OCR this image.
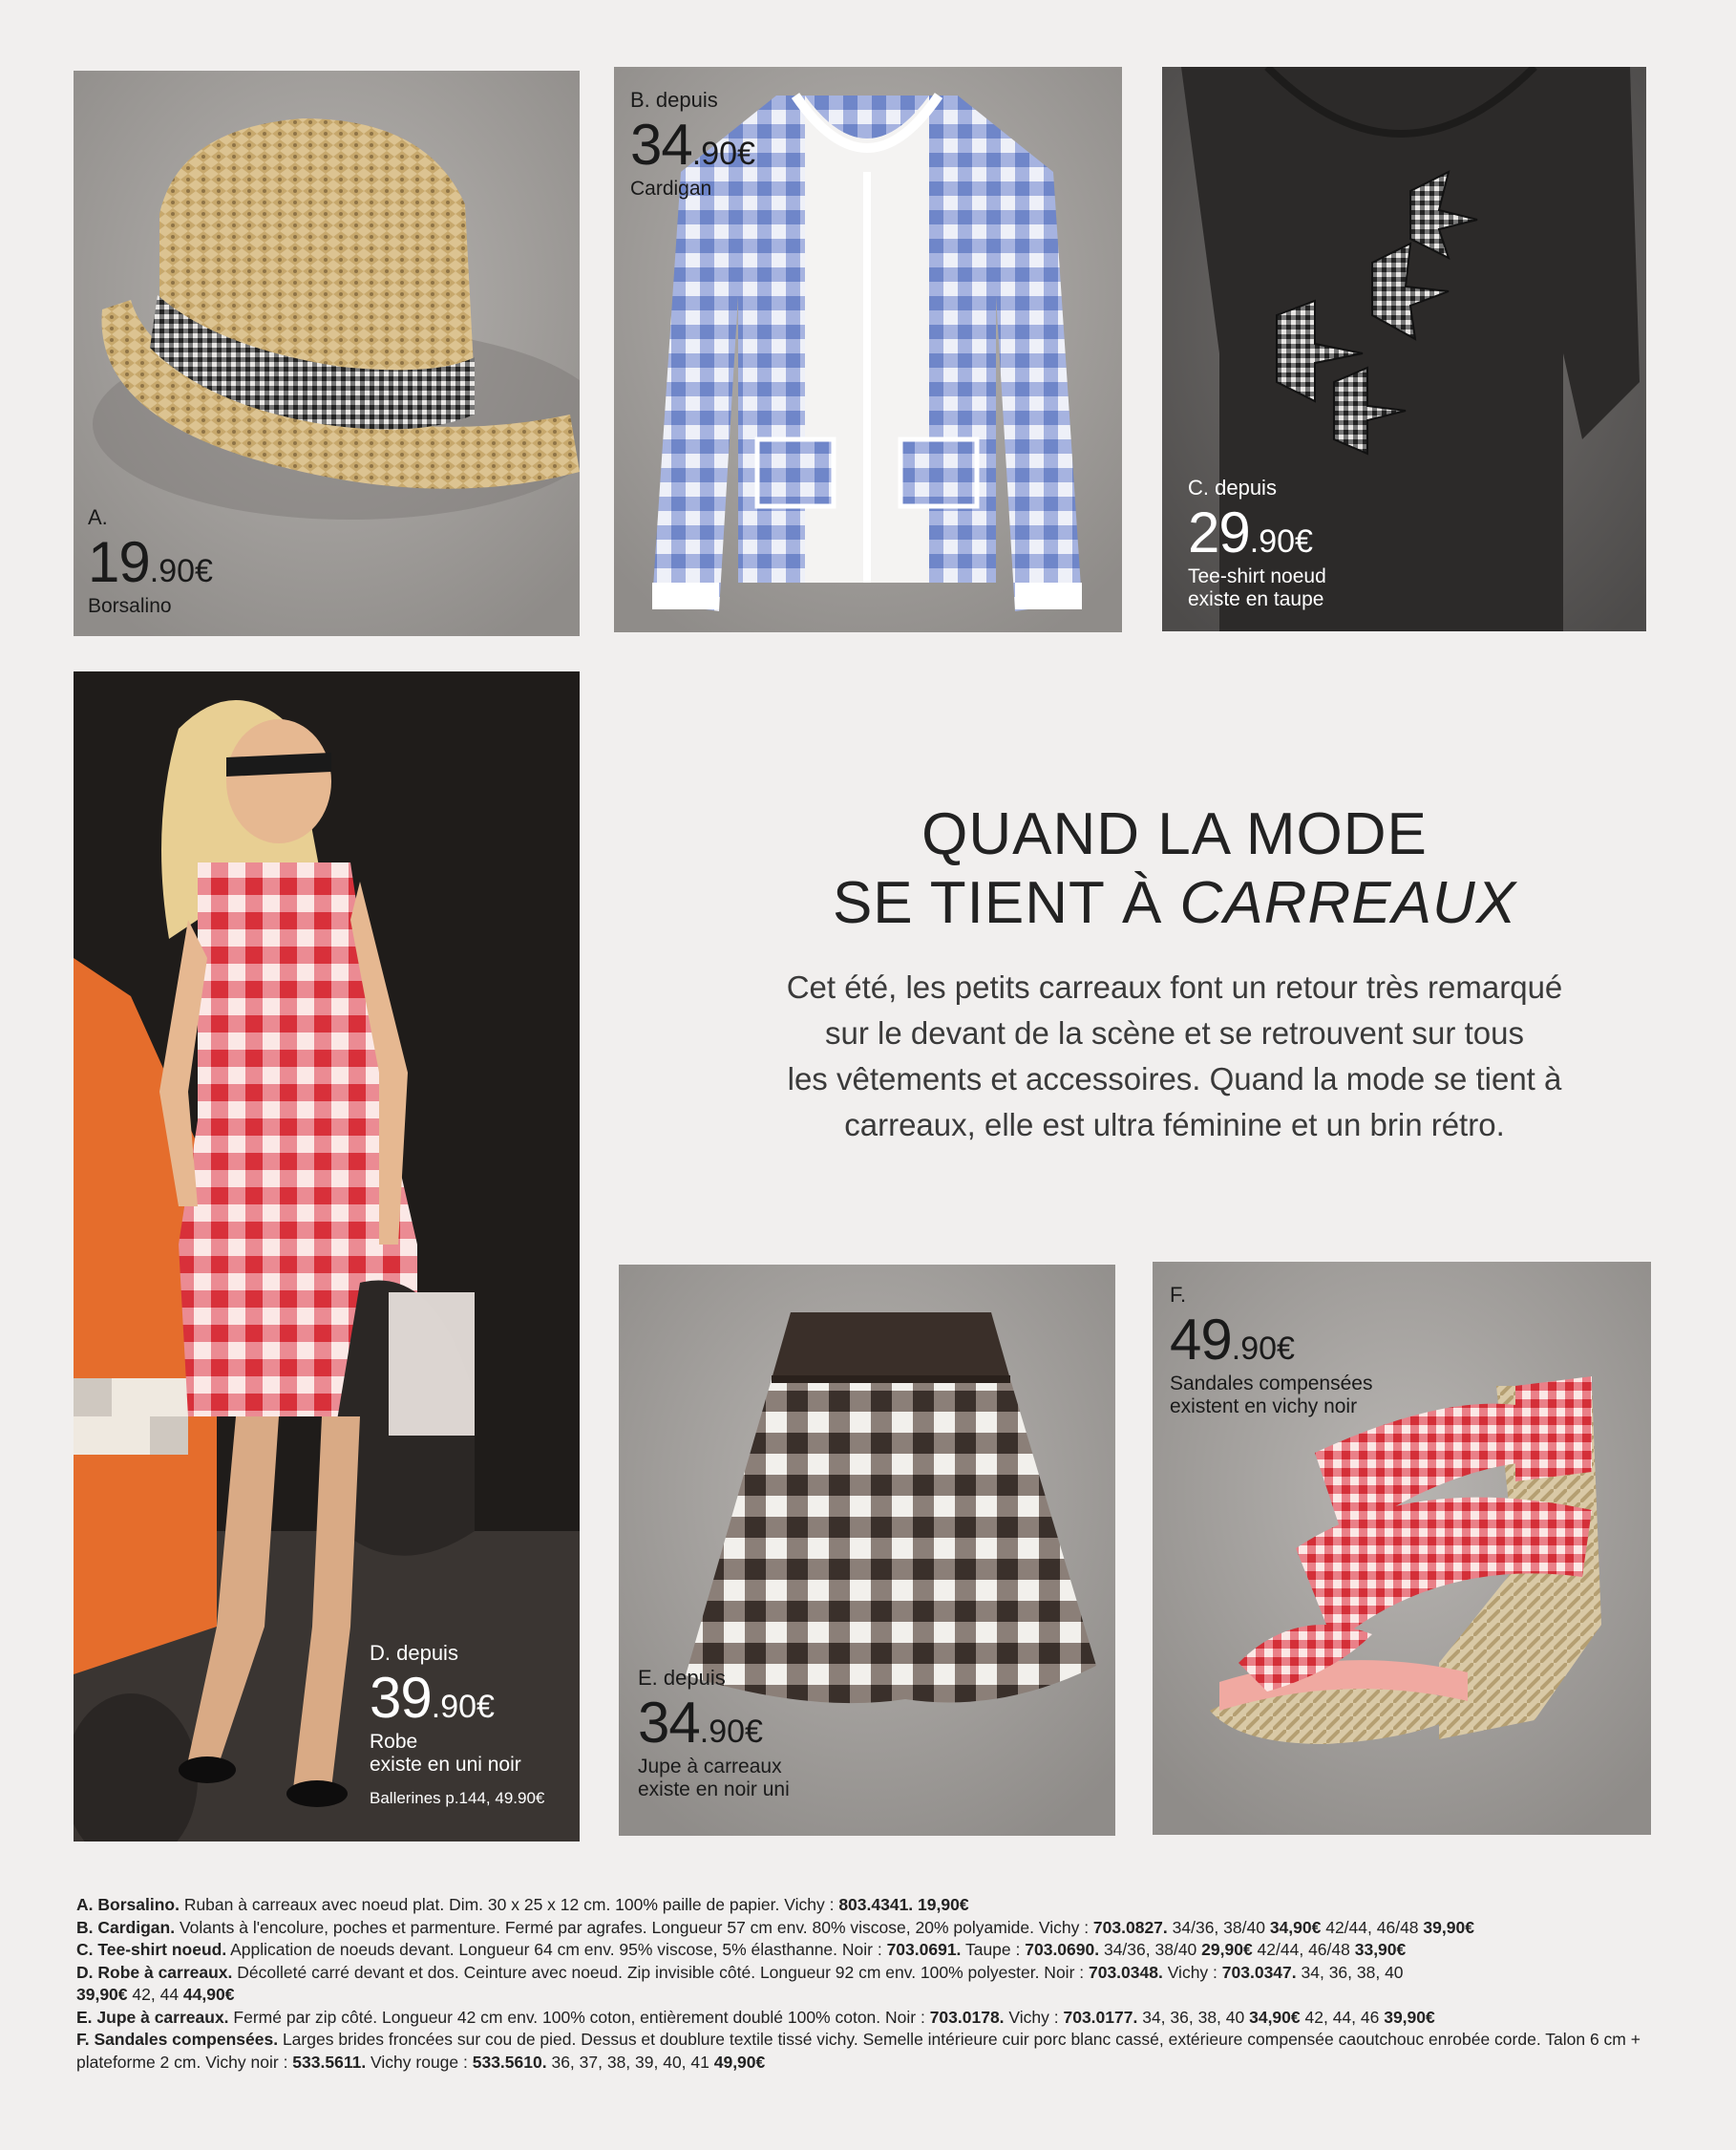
A.
19.90€
Borsalino
B. depuis
34.90€
Cardigan
C. depuis
29.90€
Tee-shirt noeud
existe en taupe
D. depuis
39.90€
Robe
existe en uni noir
Ballerines p.144, 49.90€
QUAND LA MODE
SE TIENT À CARREAUX
Cet été, les petits carreaux font un retour très remarqué
sur le devant de la scène et se retrouvent sur tous
les vêtements et accessoires. Quand la mode se tient à
carreaux, elle est ultra féminine et un brin rétro.
E. depuis
34.90€
Jupe à carreaux
existe en noir uni
F.
49.90€
Sandales compensées
existent en vichy noir

A. Borsalino. Ruban à carreaux avec noeud plat. Dim. 30 x 25 x 12 cm. 100% paille de papier. Vichy : 803.4341. 19,90€

B. Cardigan. Volants à l'encolure, poches et parmenture. Fermé par agrafes. Longueur 57 cm env. 80% viscose, 20% polyamide. Vichy : 703.0827. 34/36, 38/40 34,90€ 42/44, 46/48 39,90€

C. Tee-shirt noeud. Application de noeuds devant. Longueur 64 cm env. 95% viscose, 5% élasthanne. Noir : 703.0691. Taupe : 703.0690. 34/36, 38/40 29,90€ 42/44, 46/48 33,90€

D. Robe à carreaux. Décolleté carré devant et dos. Ceinture avec noeud. Zip invisible côté. Longueur 92 cm env. 100% polyester. Noir : 703.0348. Vichy : 703.0347. 34, 36, 38, 40
39,90€ 42, 44 44,90€

E. Jupe à carreaux. Fermé par zip côté. Longueur 42 cm env. 100% coton, entièrement doublé 100% coton. Noir : 703.0178. Vichy : 703.0177. 34, 36, 38, 40 34,90€ 42, 44, 46 39,90€

F. Sandales compensées. Larges brides froncées sur cou de pied. Dessus et doublure textile tissé vichy. Semelle intérieure cuir porc blanc cassé, extérieure compensée caoutchouc enrobée corde. Talon 6 cm + plateforme 2 cm. Vichy noir : 533.5611. Vichy rouge : 533.5610. 36, 37, 38, 39, 40, 41 49,90€
